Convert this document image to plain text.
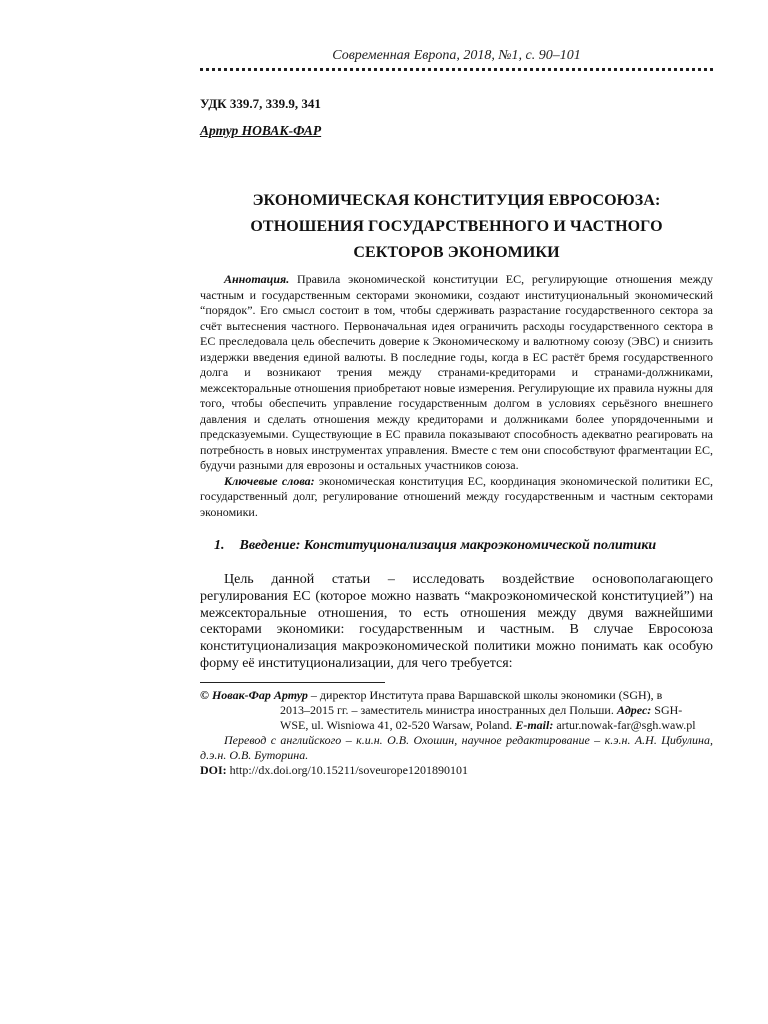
Современная Европа, 2018, №1, с. 90–101
УДК 339.7, 339.9, 341
Артур НОВАК-ФАР
ЭКОНОМИЧЕСКАЯ КОНСТИТУЦИЯ ЕВРОСОЮЗА:
ОТНОШЕНИЯ ГОСУДАРСТВЕННОГО И ЧАСТНОГО
СЕКТОРОВ ЭКОНОМИКИ

Аннотация. Правила экономической конституции ЕС, регулирующие отношения между частным и государственным секторами экономики, создают институциональный экономический “порядок”. Его смысл состоит в том, чтобы сдерживать разрастание государственного сектора за счёт вытеснения частного. Первоначальная идея ограничить расходы государственного сектора в ЕС преследовала цель обеспечить доверие к Экономическому и валютному союзу (ЭВС) и снизить издержки введения единой валюты. В последние годы, когда в ЕС растёт бремя государственного долга и возникают трения между странами-кредиторами и странами-должниками, межсекторальные отношения приобретают новые измерения. Регулирующие их правила нужны для того, чтобы обеспечить управление государственным долгом в условиях серьёзного внешнего давления и сделать отношения между кредиторами и должниками более упорядоченными и предсказуемыми. Существующие в ЕС правила показывают способность адекватно реагировать на потребность в новых инструментах управления. Вместе с тем они способствуют фрагментации ЕС, будучи разными для еврозоны и остальных участников союза.

Ключевые слова: экономическая конституция ЕС, координация экономической политики ЕС, государственный долг, регулирование отношений между государственным и частным секторами экономики.

1. Введение: Конституционализация макроэкономической политики

Цель данной статьи – исследовать воздействие основополагающего регулирования ЕС (которое можно назвать “макроэкономической конституцией”) на межсекторальные отношения, то есть отношения между двумя важнейшими секторами экономики: государственным и частным. В случае Евросоюза конституционализация макроэкономической политики можно понимать как особую форму её институционализации, для чего требуется:

© Новак-Фар Артур – директор Института права Варшавской школы экономики (SGH), в

2013–2015 гг. – заместитель министра иностранных дел Польши. Адрес: SGH-

WSE, ul. Wisniowa 41, 02-520 Warsaw, Poland. E-mail: artur.nowak-far@sgh.waw.pl

Перевод с английского – к.и.н. О.В. Охошин, научное редактирование – к.э.н. А.Н. Цибулина, д.э.н. О.В. Буторина.

DOI: http://dx.doi.org/10.15211/soveurope1201890101
